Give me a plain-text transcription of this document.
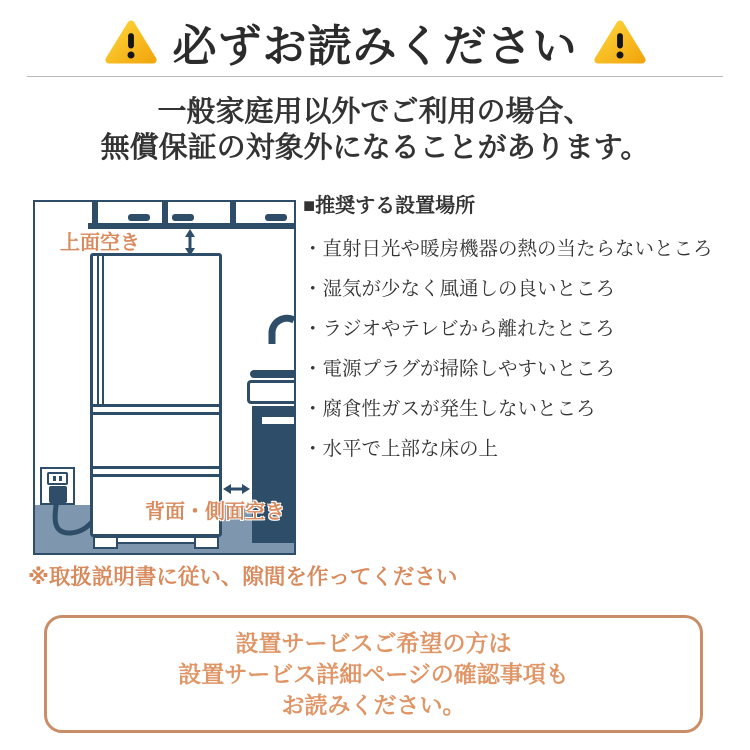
必ずお読みください
一般家庭用以外でご利用の場合、
無償保証の対象外になることがあります。
上面空き
背面・側面空き
■推奨する設置場所
・直射日光や暖房機器の熱の当たらないところ
・湿気が少なく風通しの良いところ
・ラジオやテレビから離れたところ
・電源プラグが掃除しやすいところ
・腐食性ガスが発生しないところ
・水平で上部な床の上
※取扱説明書に従い、隙間を作ってください
設置サービスご希望の方は
設置サービス詳細ページの確認事項も
お読みください。
